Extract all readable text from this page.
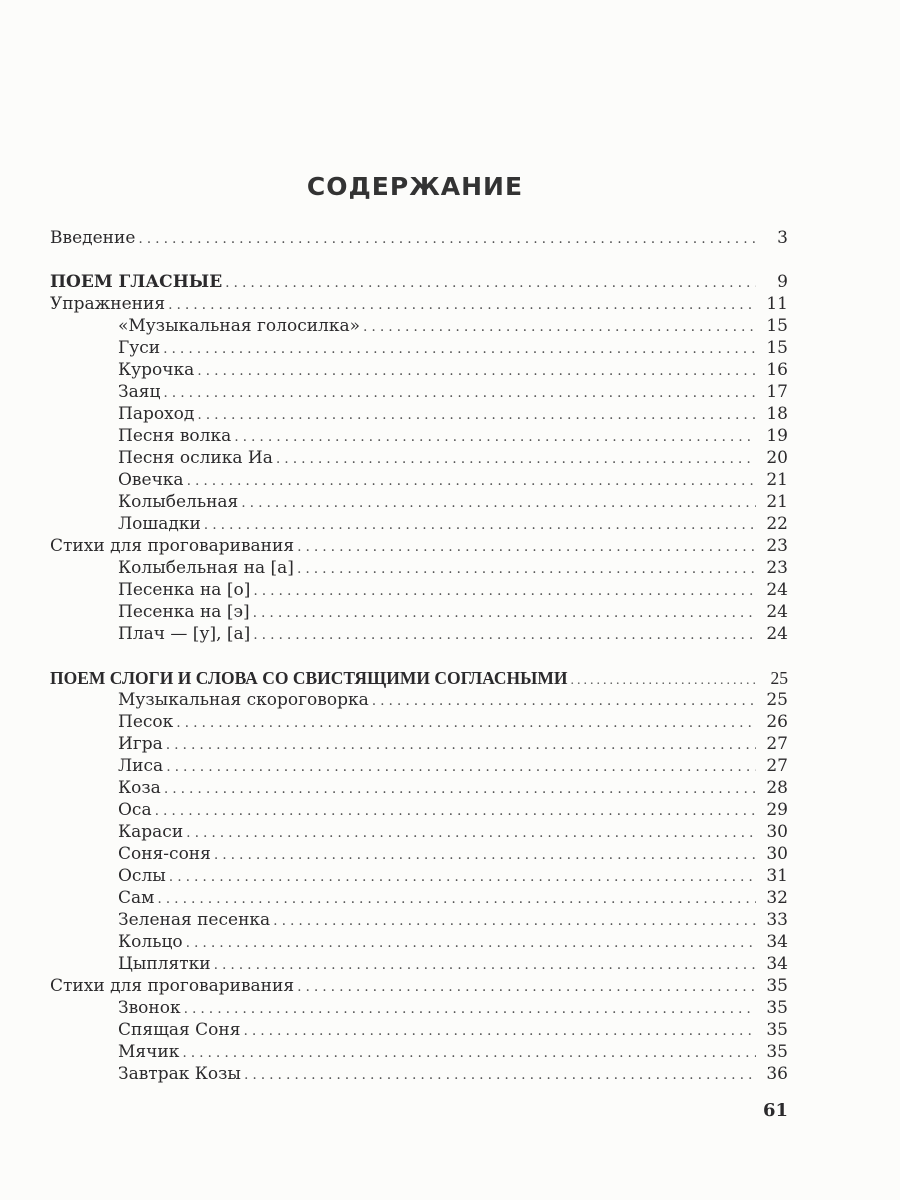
СОДЕРЖАНИЕ
Введение . . .	3
ПОЕМ ГЛАСНЫЕ . . .	9
Упражнения . . .	11
«Музыкальная голосилка» . . .	15
Гуси . . .	15
Курочка . . .	16
Заяц . . .	17
Пароход . . .	18
Песня волка . . .	19
Песня ослика Иа . . .	20
Овечка . . .	21
Колыбельная . . .	21
Лошадки . . .	22
Стихи для проговаривания . . .	23
Колыбельная на [а] . . .	23
Песенка на [о] . . .	24
Песенка на [э] . . .	24
Плач — [у], [а] . . .	24
ПОЕМ СЛОГИ И СЛОВА СО СВИСТЯЩИМИ СОГЛАСНЫМИ . . .	25
Музыкальная скороговорка . . .	25
Песок . . .	26
Игра . . .	27
Лиса . . .	27
Коза . . .	28
Оса . . .	29
Караси . . .	30
Соня-соня . . .	30
Ослы . . .	31
Сам . . .	32
Зеленая песенка . . .	33
Кольцо . . .	34
Цыплятки . . .	34
Стихи для проговаривания . . .	35
Звонок . . .	35
Спящая Соня . . .	35
Мячик . . .	35
Завтрак Козы . . .	36
61
